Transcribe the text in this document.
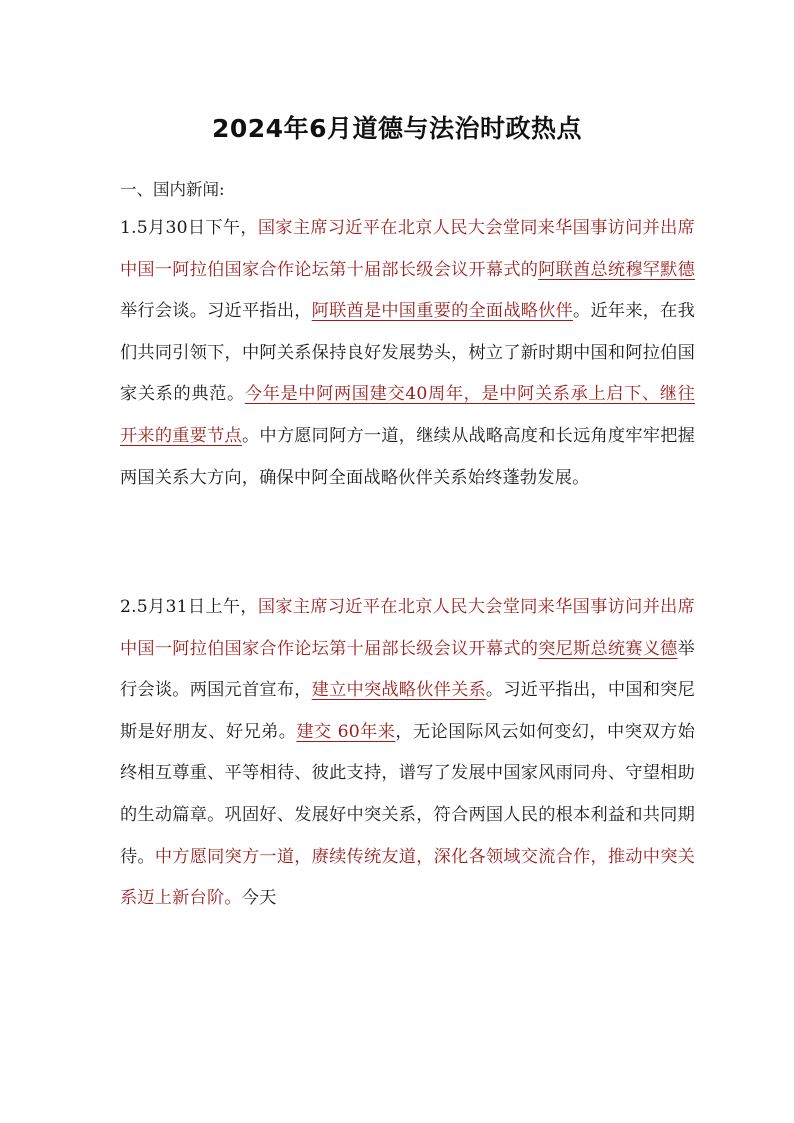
2024年6月道德与法治时政热点
一、国内新闻:
1.5月30日下午，国家主席习近平在北京人民大会堂同来华国事访问并出席中国一阿拉伯国家合作论坛第十届部长级会议开幕式的阿联酋总统穆罕默德举行会谈。习近平指出，阿联酋是中国重要的全面战略伙伴。近年来，在我们共同引领下，中阿关系保持良好发展势头，树立了新时期中国和阿拉伯国家关系的典范。今年是中阿两国建交40周年，是中阿关系承上启下、继往开来的重要节点。中方愿同阿方一道，继续从战略高度和长远角度牢牢把握两国关系大方向，确保中阿全面战略伙伴关系始终蓬勃发展。
2.5月31日上午，国家主席习近平在北京人民大会堂同来华国事访问并出席中国一阿拉伯国家合作论坛第十届部长级会议开幕式的突尼斯总统赛义德举行会谈。两国元首宣布，建立中突战略伙伴关系。习近平指出，中国和突尼斯是好朋友、好兄弟。建交 60年来，无论国际风云如何变幻，中突双方始终相互尊重、平等相待、彼此支持，谱写了发展中国家风雨同舟、守望相助的生动篇章。巩固好、发展好中突关系，符合两国人民的根本利益和共同期待。中方愿同突方一道，赓续传统友道，深化各领域交流合作，推动中突关系迈上新台阶。今天
